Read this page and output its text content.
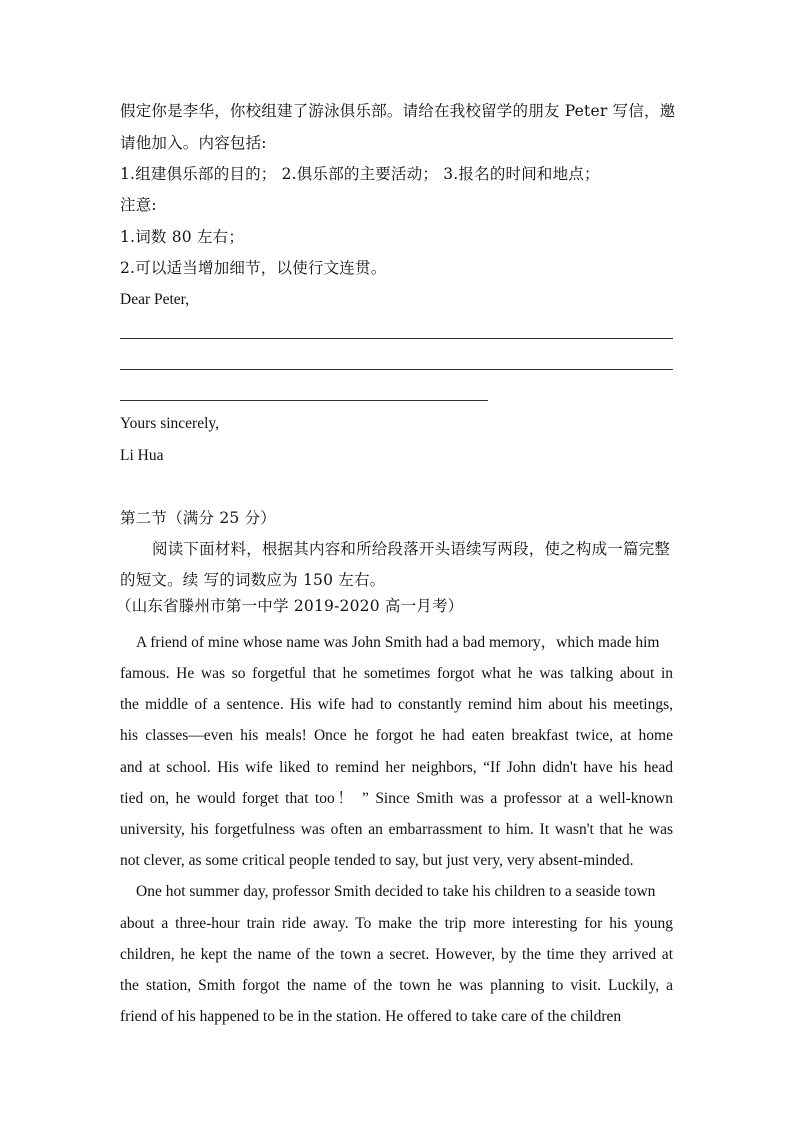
假定你是李华，你校组建了游泳俱乐部。请给在我校留学的朋友 Peter 写信，邀
请他加入。内容包括:
1.组建俱乐部的目的； 2.俱乐部的主要活动； 3.报名的时间和地点；
注意:
1.词数 80 左右；
2.可以适当增加细节，以使行文连贯。
Dear Peter,
Yours sincerely,
Li Hua
第二节（满分 25 分）
阅读下面材料，根据其内容和所给段落开头语续写两段，使之构成一篇完整
的短文。续 写的词数应为 150 左右。
（山东省滕州市第一中学 2019-2020 高一月考）
A friend of mine whose name was John Smith had a bad memory，which made him
famous. He was so forgetful that he sometimes forgot what he was talking about in
the middle of a sentence. His wife had to constantly remind him about his meetings,
his classes—even his meals! Once he forgot he had eaten breakfast twice, at home
and at school. His wife liked to remind her neighbors, “If John didn't have his head
tied on, he would forget that too！ ” Since Smith was a professor at a well-known
university, his forgetfulness was often an embarrassment to him. It wasn't that he was
not clever, as some critical people tended to say, but just very, very absent-minded.
One hot summer day, professor Smith decided to take his children to a seaside town
about a three-hour train ride away. To make the trip more interesting for his young
children, he kept the name of the town a secret. However, by the time they arrived at
the station, Smith forgot the name of the town he was planning to visit. Luckily, a
friend of his happened to be in the station. He offered to take care of the children
